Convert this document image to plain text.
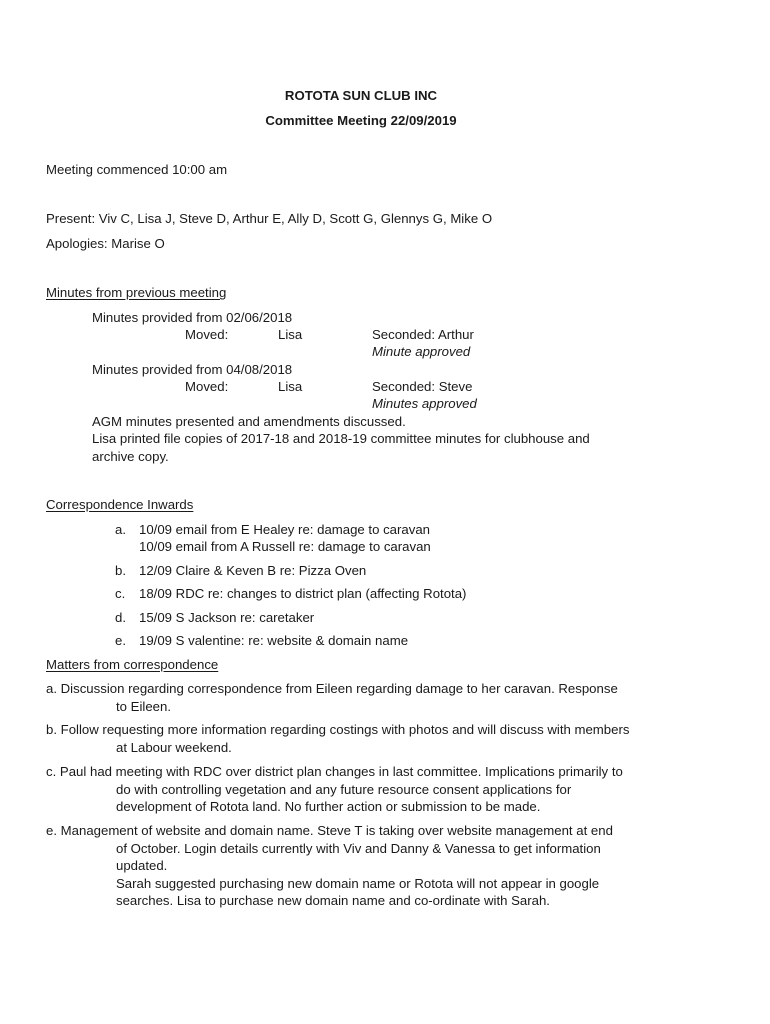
ROTOTA SUN CLUB INC
Committee Meeting 22/09/2019
Meeting commenced 10:00 am
Present: Viv C, Lisa J, Steve D, Arthur E, Ally D, Scott G, Glennys G, Mike O
Apologies: Marise O
Minutes from previous meeting
Minutes provided from 02/06/2018
Moved:	Lisa	Seconded: Arthur
Minute approved
Minutes provided from 04/08/2018
Moved:	Lisa	Seconded: Steve
Minutes approved
AGM minutes presented and amendments discussed.
Lisa printed file copies of 2017-18 and 2018-19 committee minutes for clubhouse and
archive copy.
Correspondence Inwards
a. 10/09 email from E Healey re: damage to caravan
10/09 email from A Russell re: damage to caravan
b. 12/09 Claire & Keven B re: Pizza Oven
c. 18/09 RDC re: changes to district plan (affecting Rotota)
d. 15/09 S Jackson re: caretaker
e. 19/09 S valentine: re: website & domain name
Matters from correspondence
a. Discussion regarding correspondence from Eileen regarding damage to her caravan. Response
to Eileen.
b. Follow requesting more information regarding costings with photos and will discuss with members
at Labour weekend.
c. Paul had meeting with RDC over district plan changes in last committee. Implications primarily to
do with controlling vegetation and any future resource consent applications for
development of Rotota land. No further action or submission to be made.
e. Management of website and domain name. Steve T is taking over website management at end
of October. Login details currently with Viv and Danny & Vanessa to get information
updated.
Sarah suggested purchasing new domain name or Rotota will not appear in google
searches. Lisa to purchase new domain name and co-ordinate with Sarah.
